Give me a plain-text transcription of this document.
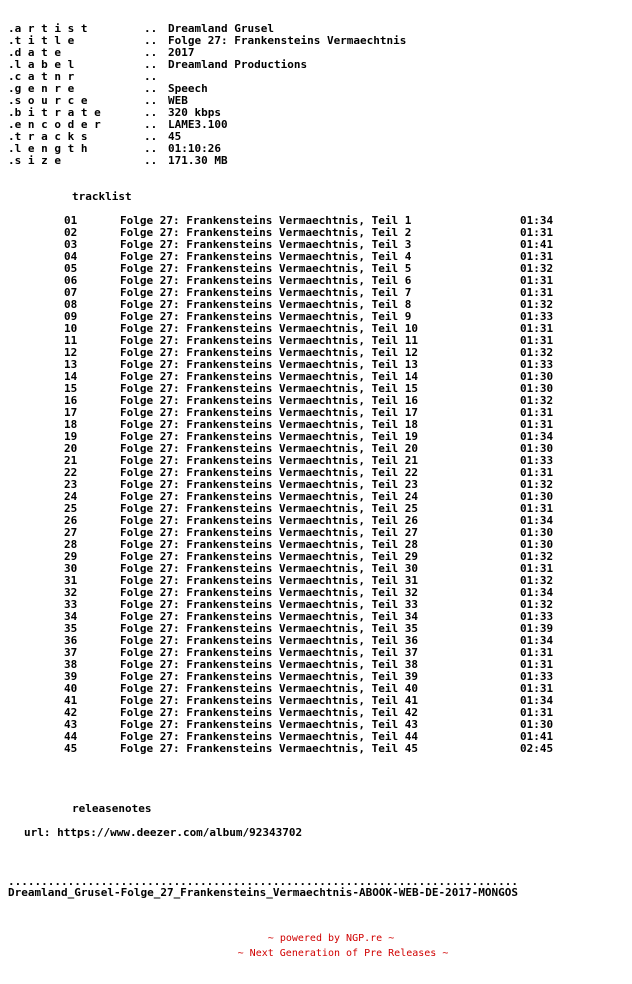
.a r t i s t	.. Dreamland Grusel
.t i t l e	.. Folge 27: Frankensteins Vermaechtnis
.d a t e	.. 2017
.l a b e l	.. Dreamland Productions
.c a t n r	..
.g e n r e	.. Speech
.s o u r c e	.. WEB
.b i t r a t e	.. 320 kbps
.e n c o d e r	.. LAME3.100
.t r a c k s	.. 45
.l e n g t h	.. 01:10:26
.s i z e	.. 171.30 MB
tracklist
01	Folge 27: Frankensteins Vermaechtnis, Teil 1	01:34
02	Folge 27: Frankensteins Vermaechtnis, Teil 2	01:31
03	Folge 27: Frankensteins Vermaechtnis, Teil 3	01:41
04	Folge 27: Frankensteins Vermaechtnis, Teil 4	01:31
05	Folge 27: Frankensteins Vermaechtnis, Teil 5	01:32
06	Folge 27: Frankensteins Vermaechtnis, Teil 6	01:31
07	Folge 27: Frankensteins Vermaechtnis, Teil 7	01:31
08	Folge 27: Frankensteins Vermaechtnis, Teil 8	01:32
09	Folge 27: Frankensteins Vermaechtnis, Teil 9	01:33
10	Folge 27: Frankensteins Vermaechtnis, Teil 10	01:31
11	Folge 27: Frankensteins Vermaechtnis, Teil 11	01:31
12	Folge 27: Frankensteins Vermaechtnis, Teil 12	01:32
13	Folge 27: Frankensteins Vermaechtnis, Teil 13	01:33
14	Folge 27: Frankensteins Vermaechtnis, Teil 14	01:30
15	Folge 27: Frankensteins Vermaechtnis, Teil 15	01:30
16	Folge 27: Frankensteins Vermaechtnis, Teil 16	01:32
17	Folge 27: Frankensteins Vermaechtnis, Teil 17	01:31
18	Folge 27: Frankensteins Vermaechtnis, Teil 18	01:31
19	Folge 27: Frankensteins Vermaechtnis, Teil 19	01:34
20	Folge 27: Frankensteins Vermaechtnis, Teil 20	01:30
21	Folge 27: Frankensteins Vermaechtnis, Teil 21	01:33
22	Folge 27: Frankensteins Vermaechtnis, Teil 22	01:31
23	Folge 27: Frankensteins Vermaechtnis, Teil 23	01:32
24	Folge 27: Frankensteins Vermaechtnis, Teil 24	01:30
25	Folge 27: Frankensteins Vermaechtnis, Teil 25	01:31
26	Folge 27: Frankensteins Vermaechtnis, Teil 26	01:34
27	Folge 27: Frankensteins Vermaechtnis, Teil 27	01:30
28	Folge 27: Frankensteins Vermaechtnis, Teil 28	01:30
29	Folge 27: Frankensteins Vermaechtnis, Teil 29	01:32
30	Folge 27: Frankensteins Vermaechtnis, Teil 30	01:31
31	Folge 27: Frankensteins Vermaechtnis, Teil 31	01:32
32	Folge 27: Frankensteins Vermaechtnis, Teil 32	01:34
33	Folge 27: Frankensteins Vermaechtnis, Teil 33	01:32
34	Folge 27: Frankensteins Vermaechtnis, Teil 34	01:33
35	Folge 27: Frankensteins Vermaechtnis, Teil 35	01:39
36	Folge 27: Frankensteins Vermaechtnis, Teil 36	01:34
37	Folge 27: Frankensteins Vermaechtnis, Teil 37	01:31
38	Folge 27: Frankensteins Vermaechtnis, Teil 38	01:31
39	Folge 27: Frankensteins Vermaechtnis, Teil 39	01:33
40	Folge 27: Frankensteins Vermaechtnis, Teil 40	01:31
41	Folge 27: Frankensteins Vermaechtnis, Teil 41	01:34
42	Folge 27: Frankensteins Vermaechtnis, Teil 42	01:31
43	Folge 27: Frankensteins Vermaechtnis, Teil 43	01:30
44	Folge 27: Frankensteins Vermaechtnis, Teil 44	01:41
45	Folge 27: Frankensteins Vermaechtnis, Teil 45	02:45
releasenotes
url: https://www.deezer.com/album/92343702
.............................................................................
Dreamland_Grusel-Folge_27_Frankensteins_Vermaechtnis-ABOOK-WEB-DE-2017-MONGOS
~ powered by NGP.re ~
~ Next Generation of Pre Releases ~
